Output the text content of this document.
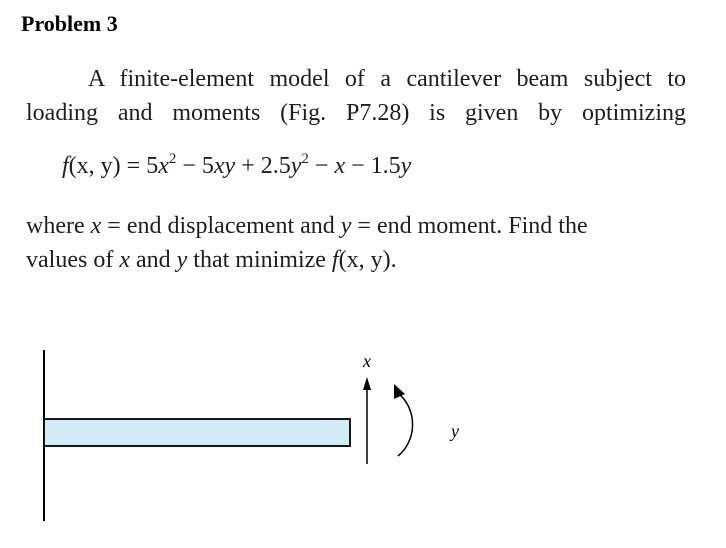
Problem 3
A finite-element model of a cantilever beam subject to
loading and moments (Fig. P7.28) is given by optimizing
f(x, $y) = 5x^2 - 5xy + 2.5y^2 - x - 1.5y$
where x = end displacement and y = end moment. Find the
values of x and y that minimize f(x, y).
x
y
